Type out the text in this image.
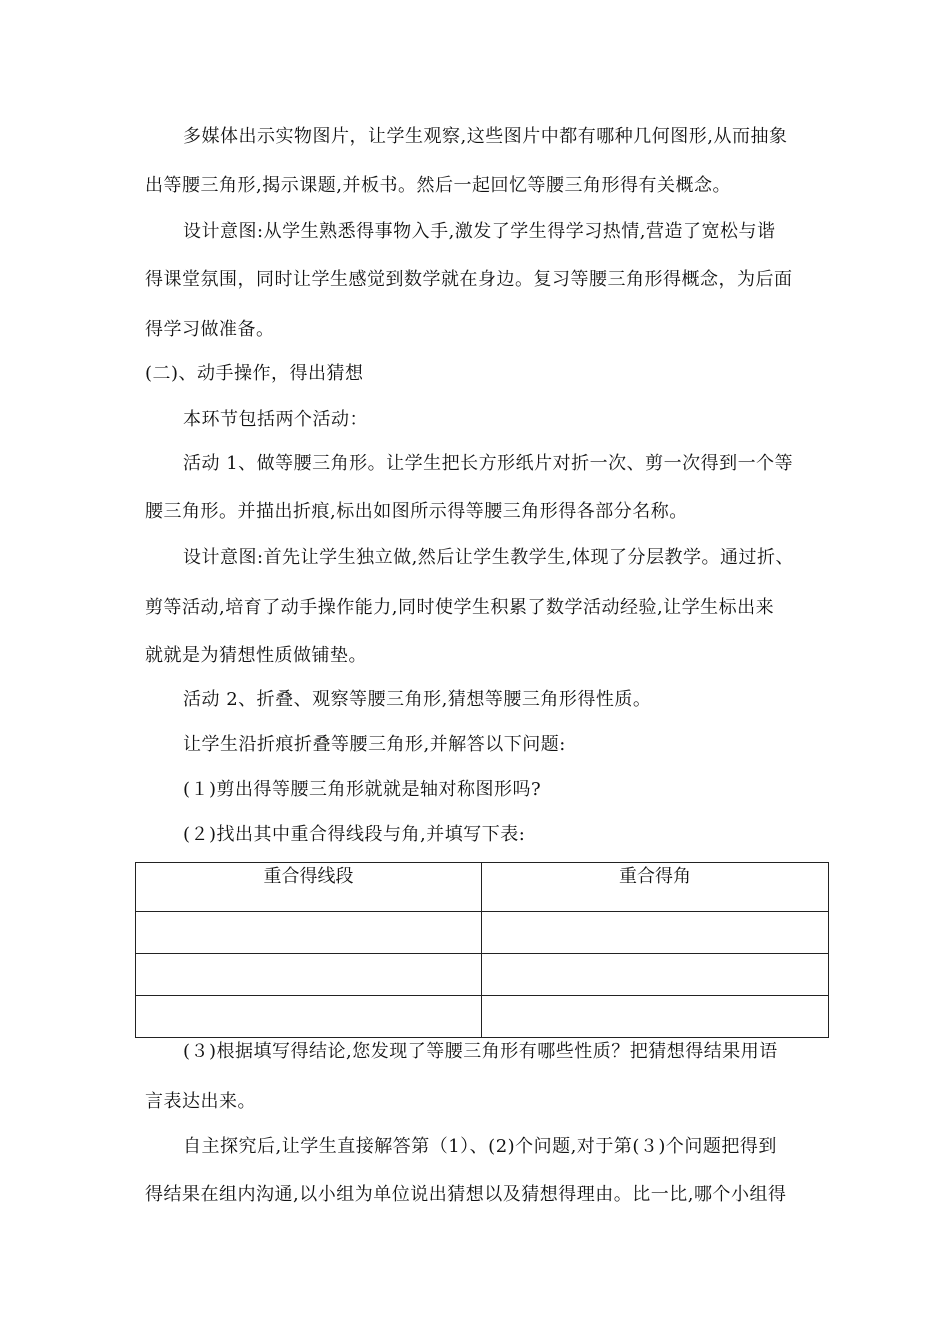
多媒体出示实物图片，让学生观察,这些图片中都有哪种几何图形,从而抽象
出等腰三角形,揭示课题,并板书。然后一起回忆等腰三角形得有关概念。
设计意图:从学生熟悉得事物入手,激发了学生得学习热情,营造了宽松与谐
得课堂氛围，同时让学生感觉到数学就在身边。复习等腰三角形得概念，为后面
得学习做准备。
(二)、动手操作，得出猜想
本环节包括两个活动：
活动 1、做等腰三角形。让学生把长方形纸片对折一次、剪一次得到一个等
腰三角形。并描出折痕,标出如图所示得等腰三角形得各部分名称。
设计意图:首先让学生独立做,然后让学生教学生,体现了分层教学。通过折、
剪等活动,培育了动手操作能力,同时使学生积累了数学活动经验,让学生标出来
就就是为猜想性质做铺垫。
活动 2、折叠、观察等腰三角形,猜想等腰三角形得性质。
让学生沿折痕折叠等腰三角形,并解答以下问题:
(１)剪出得等腰三角形就就是轴对称图形吗?
(２)找出其中重合得线段与角,并填写下表:
重合得线段	重合得角

(３)根据填写得结论,您发现了等腰三角形有哪些性质？把猜想得结果用语
言表达出来。
自主探究后,让学生直接解答第（1）、(2)个问题,对于第(３)个问题把得到
得结果在组内沟通,以小组为单位说出猜想以及猜想得理由。比一比,哪个小组得
